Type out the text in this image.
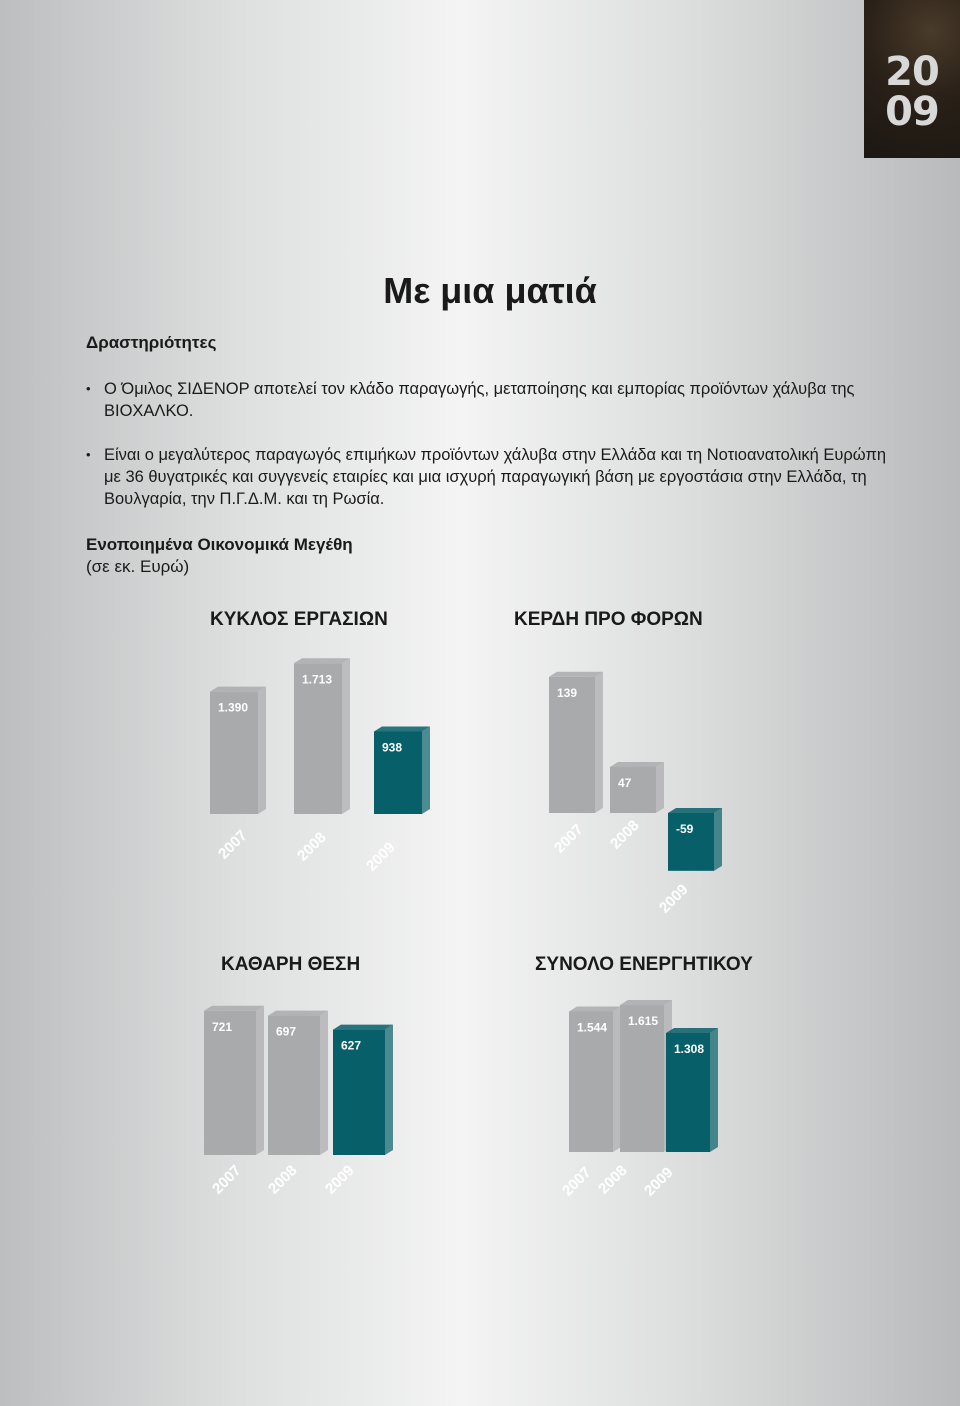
20
09
Με μια ματιά
Δραστηριότητες
• Ο Όμιλος ΣΙΔΕΝΟΡ αποτελεί τον κλάδο παραγωγής, μεταποίησης και εμπορίας προϊόντων χάλυβα της ΒΙΟΧΑΛΚΟ.
• Είναι ο μεγαλύτερος παραγωγός επιμήκων προϊόντων χάλυβα στην Ελλάδα και τη Νοτιοανατολική Ευρώπη με 36 θυγατρικές και συγγενείς εταιρίες και μια ισχυρή παραγωγική βάση με εργοστάσια στην Ελλάδα, τη Βουλγαρία, την Π.Γ.Δ.Μ. και τη Ρωσία.
Ενοποιημένα Οικονομικά Μεγέθη
(σε εκ. Ευρώ)
ΚΥΚΛΟΣ ΕΡΓΑΣΙΩΝ	ΚΕΡΔΗ ΠΡΟ ΦΟΡΩΝ
ΚΑΘΑΡΗ ΘΕΣΗ	ΣΥΝΟΛΟ ΕΝΕΡΓΗΤΙΚΟΥ
1.390
2007
1.713
2008
938
2009
139
2007
47
2008	-59
2009
721
2007
697
2008
627
2009
1.544
2007
1.615
2008
1.308
2009
